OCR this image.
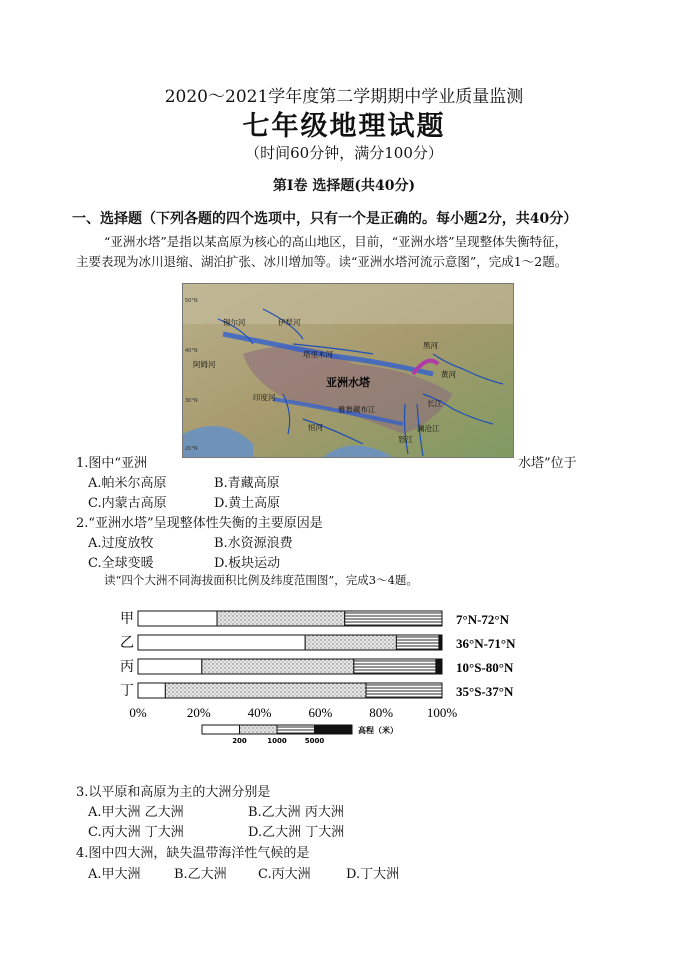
2020～2021学年度第二学期期中学业质量监测
七年级地理试题
（时间60分钟，满分100分）
第Ⅰ卷 选择题(共40分)
一、选择题（下列各题的四个选项中，只有一个是正确的。每小题2分，共40分）
“亚洲水塔”是指以某高原为核心的高山地区，目前，“亚洲水塔”呈现整体失衡特征，
主要表现为冰川退缩、湖泊扩张、冰川增加等。读“亚洲水塔河流示意图”，完成1～2题。
50°N
40°N
30°N
20°N
锡尔河	伊犁河
塔里木河
黑河
阿姆河
黄河
印度河
长江
雅鲁藏布江
恒河
怒江
澜沧江
亚洲水塔
1.图中“亚洲	水塔”位于
A.帕米尔高原	B.青藏高原
C.内蒙古高原	D.黄土高原
2.“亚洲水塔”呈现整体性失衡的主要原因是
A.过度放牧	B.水资源浪费
C.全球变暖	D.板块运动
读“四个大洲不同海拔面积比例及纬度范围图”，完成3～4题。
甲	7°N-72°N
乙	36°N-71°N
丙	10°S-80°N
丁	35°S-37°N
0%	20%	40%	60%	80%	100%
200	1000	5000
高程（米）
3.以平原和高原为主的大洲分别是
A.甲大洲 乙大洲	B.乙大洲 丙大洲
C.丙大洲 丁大洲	D.乙大洲 丁大洲
4.图中四大洲，缺失温带海洋性气候的是
A.甲大洲	B.乙大洲 C.丙大洲	D.丁大洲
